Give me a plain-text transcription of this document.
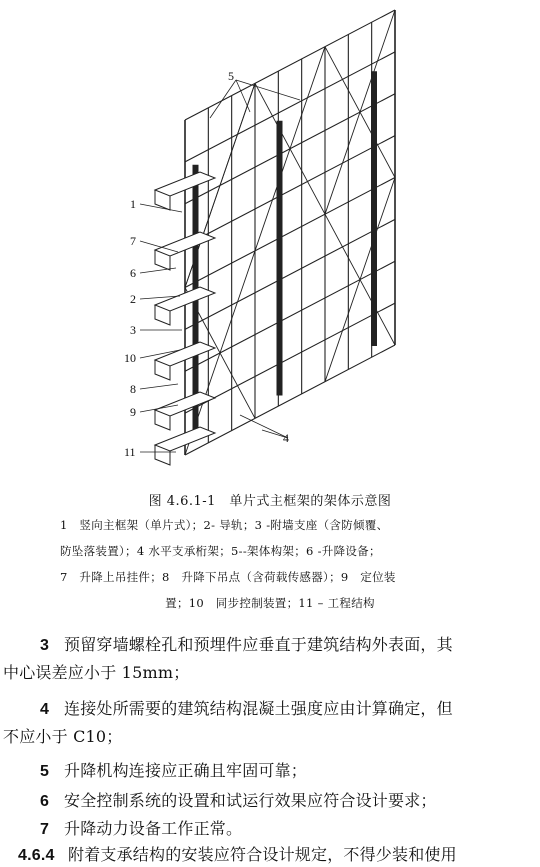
5
1
7
6
2
3
10
8
9
11
4
图 4.6.1-1　单片式主框架的架体示意图
1　竖向主框架（单片式）；2- 导轨；3 -附墙支座（含防倾覆、
防坠落装置）；4 水平支承桁架；5--架体构架；6 -升降设备；
7　升降上吊挂件；8　升降下吊点（含荷载传感器）；9　定位装
置；10　同步控制装置；11 – 工程结构
3 预留穿墙螺栓孔和预埋件应垂直于建筑结构外表面，其
中心误差应小于 15mm；
4 连接处所需要的建筑结构混凝土强度应由计算确定，但
不应小于 C10；
5 升降机构连接应正确且牢固可靠；
6 安全控制系统的设置和试运行效果应符合设计要求；
7 升降动力设备工作正常。
4.6.4 附着支承结构的安装应符合设计规定，不得少装和使用
